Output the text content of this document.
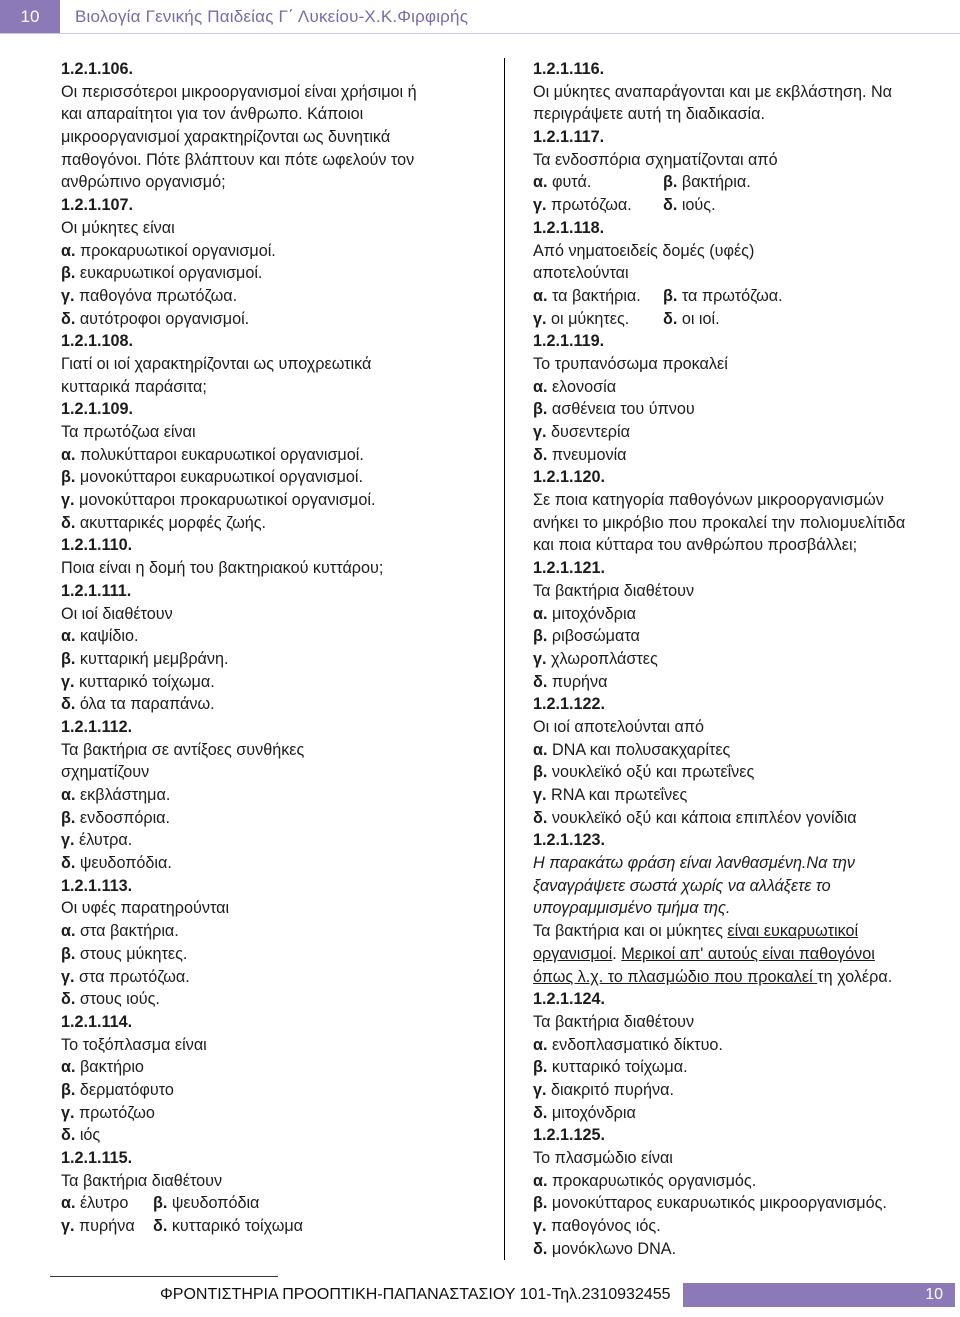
10	Βιολογία Γενικής Παιδείας Γ΄ Λυκείου-Χ.Κ.Φιρφιρής
1.2.1.106.
Οι περισσότεροι μικροοργανισμοί είναι χρήσιμοι ή
και απαραίτητοι για τον άνθρωπο. Κάποιοι
μικροοργανισμοί χαρακτηρίζονται ως δυνητικά
παθογόνοι. Πότε βλάπτουν και πότε ωφελούν τον
ανθρώπινο οργανισμό;
1.2.1.107.
Οι μύκητες είναι
α. προκαρυωτικοί οργανισμοί.
β. ευκαρυωτικοί οργανισμοί.
γ. παθογόνα πρωτόζωα.
δ. αυτότροφοι οργανισμοί.
1.2.1.108.
Γιατί οι ιοί χαρακτηρίζονται ως υποχρεωτικά
κυτταρικά παράσιτα;
1.2.1.109.
Τα πρωτόζωα είναι
α. πολυκύτταροι ευκαρυωτικοί οργανισμοί.
β. μονοκύτταροι ευκαρυωτικοί οργανισμοί.
γ. μονοκύτταροι προκαρυωτικοί οργανισμοί.
δ. ακυτταρικές μορφές ζωής.
1.2.1.110.
Ποια είναι η δομή του βακτηριακού κυττάρου;
1.2.1.111.
Οι ιοί διαθέτουν
α. καψίδιο.
β. κυτταρική μεμβράνη.
γ. κυτταρικό τοίχωμα.
δ. όλα τα παραπάνω.
1.2.1.112.
Τα βακτήρια σε αντίξοες συνθήκες
σχηματίζουν
α. εκβλάστημα.
β. ενδοσπόρια.
γ. έλυτρα.
δ. ψευδοπόδια.
1.2.1.113.
Οι υφές παρατηρούνται
α. στα βακτήρια.
β. στους μύκητες.
γ. στα πρωτόζωα.
δ. στους ιούς.
1.2.1.114.
Το τοξόπλασμα είναι
α. βακτήριο
β. δερματόφυτο
γ. πρωτόζωο
δ. ιός
1.2.1.115.
Τα βακτήρια διαθέτουν
α. έλυτρο β. ψευδοπόδια
γ. πυρήνα δ. κυτταρικό τοίχωμα
1.2.1.116.
Οι μύκητες αναπαράγονται και με εκβλάστηση. Να
περιγράψετε αυτή τη διαδικασία.
1.2.1.117.
Τα ενδοσπόρια σχηματίζονται από
α. φυτά.	β. βακτήρια.
γ. πρωτόζωα. δ. ιούς.
1.2.1.118.
Από νηματοειδείς δομές (υφές)
αποτελούνται
α. τα βακτήρια. β. τα πρωτόζωα.
γ. οι μύκητες. δ. οι ιοί.
1.2.1.119.
Το τρυπανόσωμα προκαλεί
α. ελονοσία
β. ασθένεια του ύπνου
γ. δυσεντερία
δ. πνευμονία
1.2.1.120.
Σε ποια κατηγορία παθογόνων μικροοργανισμών
ανήκει το μικρόβιο που προκαλεί την πολιομυελίτιδα
και ποια κύτταρα του ανθρώπου προσβάλλει;
1.2.1.121.
Τα βακτήρια διαθέτουν
α. μιτοχόνδρια
β. ριβοσώματα
γ. χλωροπλάστες
δ. πυρήνα
1.2.1.122.
Οι ιοί αποτελούνται από
α. DNA και πολυσακχαρίτες
β. νουκλεϊκό οξύ και πρωτεΐνες
γ. RNA και πρωτεΐνες
δ. νουκλεϊκό οξύ και κάποια επιπλέον γονίδια
1.2.1.123.
Η παρακάτω φράση είναι λανθασμένη.Να την
ξαναγράψετε σωστά χωρίς να αλλάξετε το
υπογραμμισμένο τμήμα της.
Τα βακτήρια και οι μύκητες είναι ευκαρυωτικοί
οργανισμοί. Μερικοί απ' αυτούς είναι παθογόνοι
όπως λ.χ. το πλασμώδιο που προκαλεί τη χολέρα.
1.2.1.124.
Τα βακτήρια διαθέτουν
α. ενδοπλασματικό δίκτυο.
β. κυτταρικό τοίχωμα.
γ. διακριτό πυρήνα.
δ. μιτοχόνδρια
1.2.1.125.
Το πλασμώδιο είναι
α. προκαρυωτικός οργανισμός.
β. μονοκύτταρος ευκαρυωτικός μικροοργανισμός.
γ. παθογόνος ιός.
δ. μονόκλωνο DNA.
ΦΡΟΝΤΙΣΤΗΡΙΑ ΠΡΟΟΠΤΙΚΗ-ΠΑΠΑΝΑΣΤΑΣΙΟΥ 101-Τηλ.2310932455	10
